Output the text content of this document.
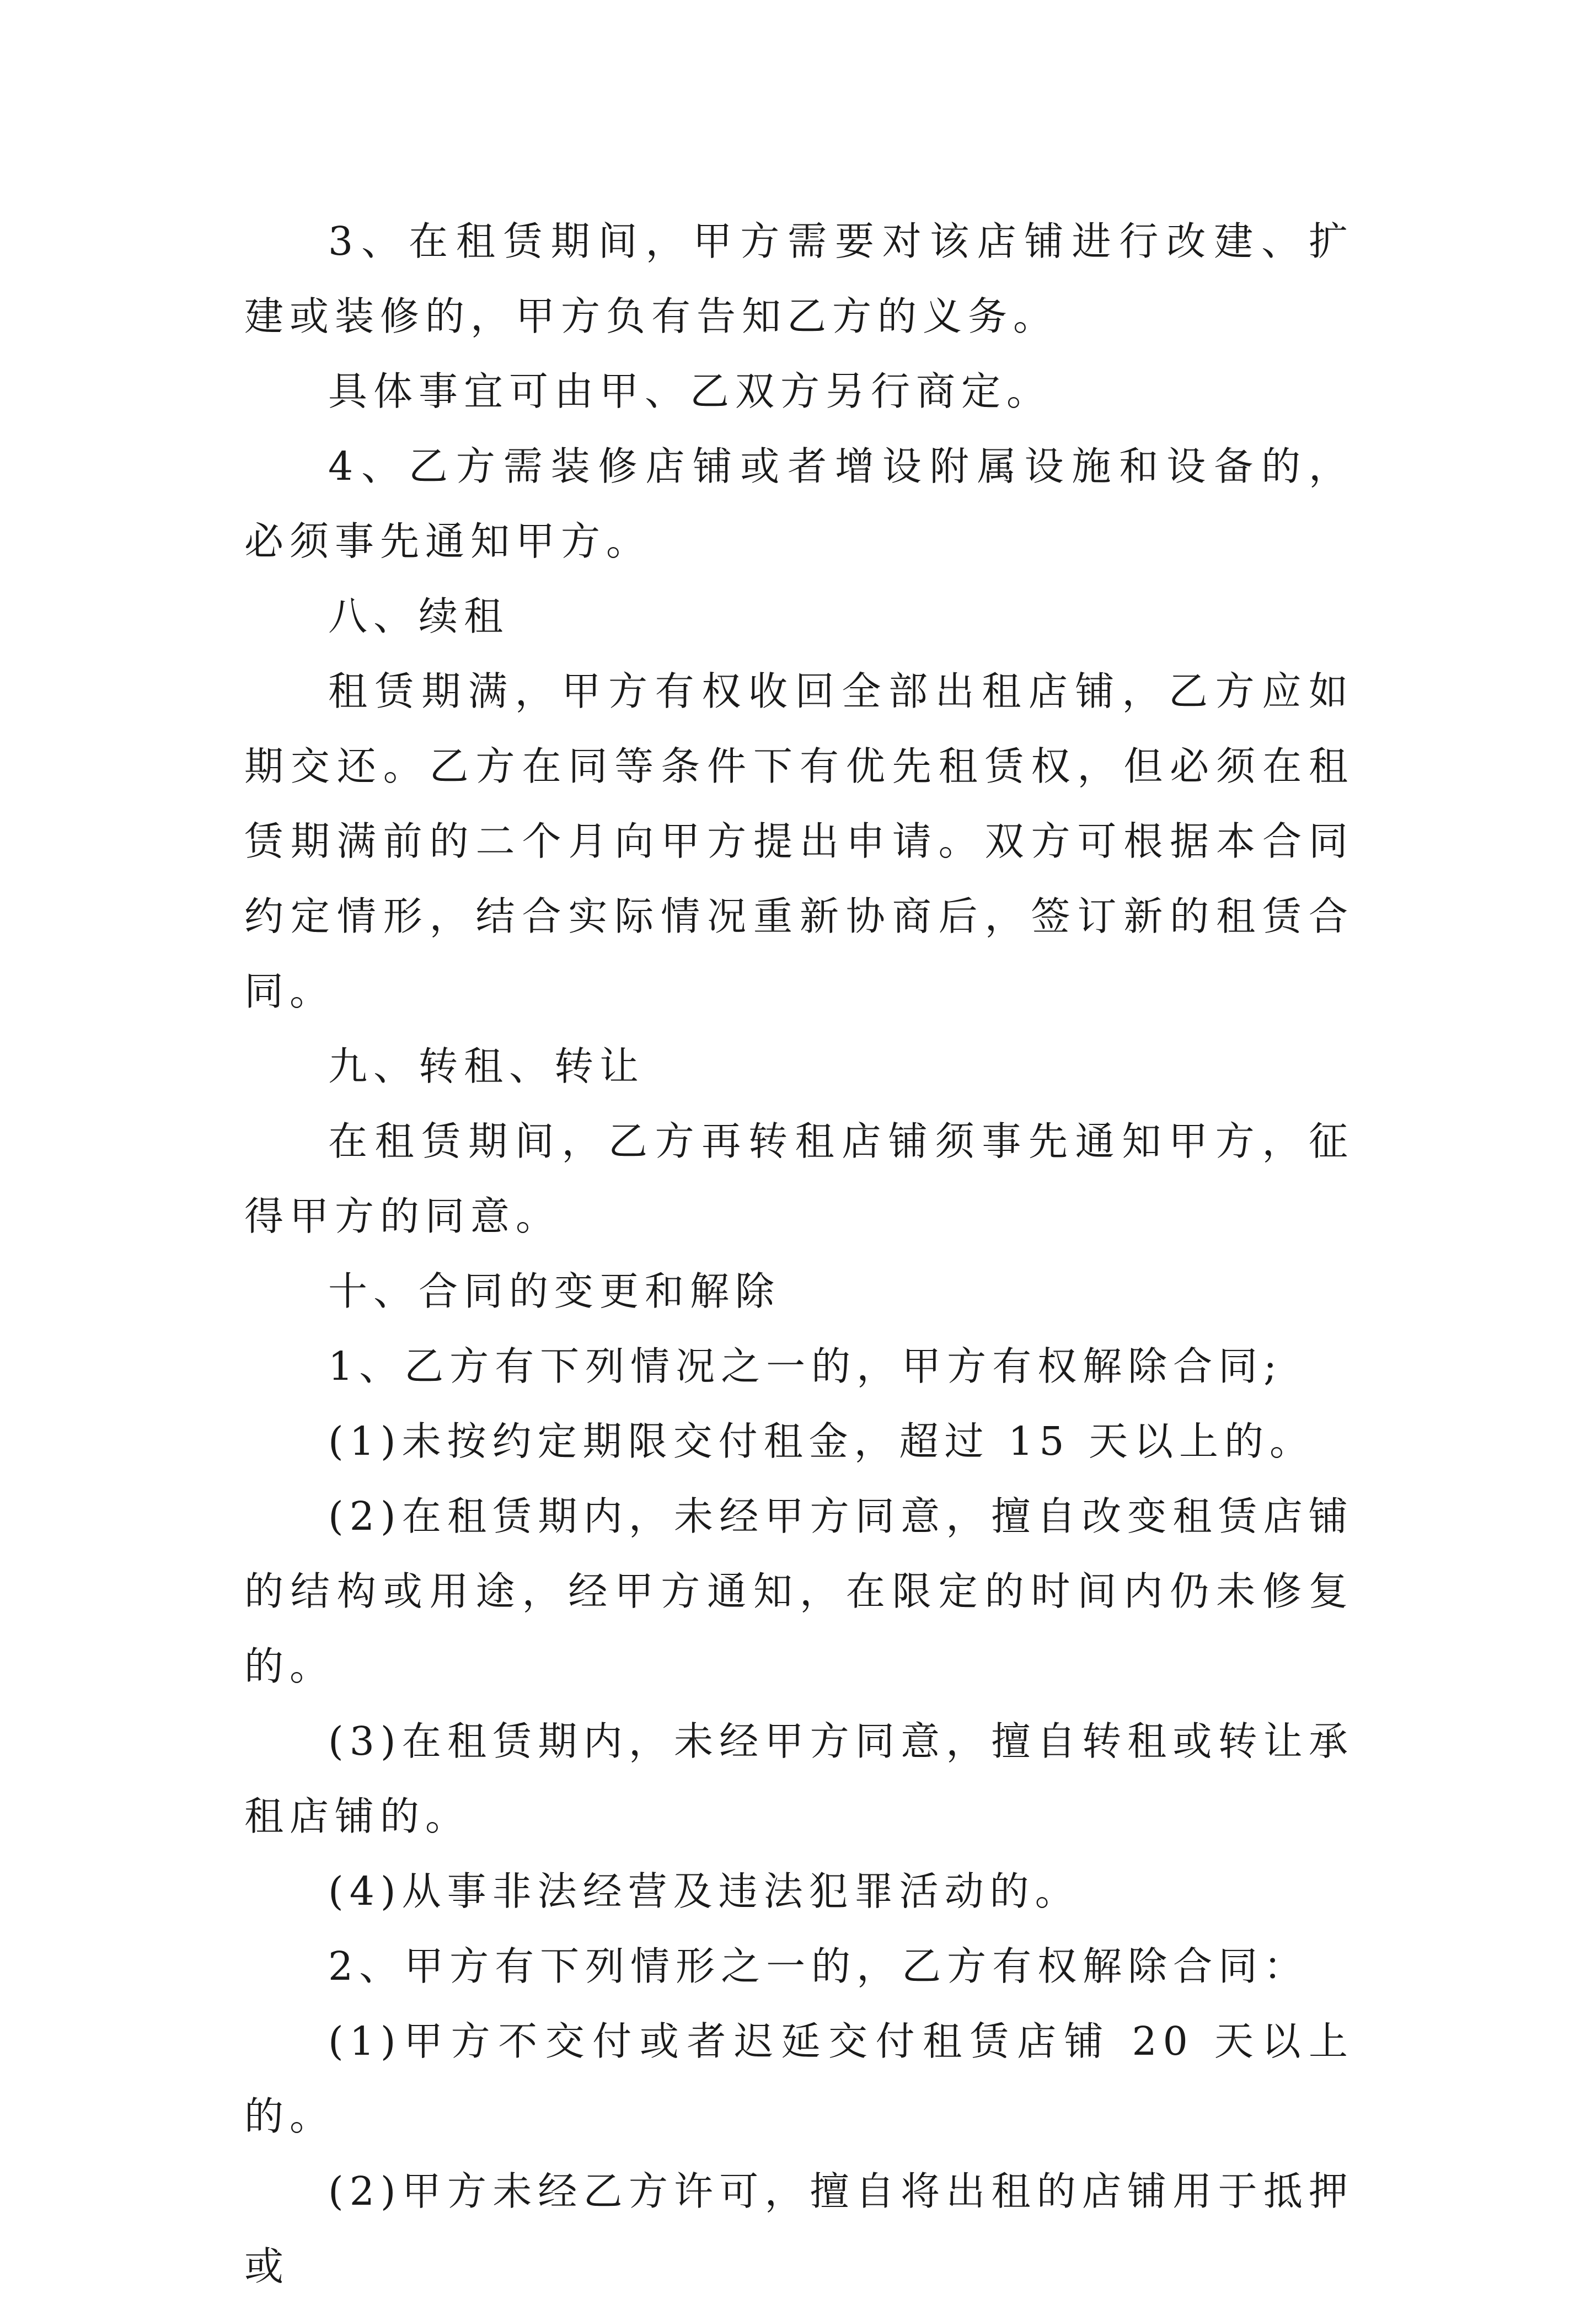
3、在租赁期间，甲方需要对该店铺进行改建、扩建或装修的，甲方负有告知乙方的义务。

具体事宜可由甲、乙双方另行商定。

4、乙方需装修店铺或者增设附属设施和设备的，必须事先通知甲方。

八、续租

租赁期满，甲方有权收回全部出租店铺，乙方应如期交还。乙方在同等条件下有优先租赁权，但必须在租赁期满前的二个月向甲方提出申请。双方可根据本合同约定情形，结合实际情况重新协商后，签订新的租赁合同。

九、转租、转让

在租赁期间，乙方再转租店铺须事先通知甲方，征得甲方的同意。

十、合同的变更和解除

1、乙方有下列情况之一的，甲方有权解除合同;

(1)未按约定期限交付租金，超过 15 天以上的。

(2)在租赁期内，未经甲方同意，擅自改变租赁店铺的结构或用途，经甲方通知，在限定的时间内仍未修复的。

(3)在租赁期内，未经甲方同意，擅自转租或转让承租店铺的。

(4)从事非法经营及违法犯罪活动的。

2、甲方有下列情形之一的，乙方有权解除合同：

(1)甲方不交付或者迟延交付租赁店铺 20 天以上的。

(2)甲方未经乙方许可，擅自将出租的店铺用于抵押或
